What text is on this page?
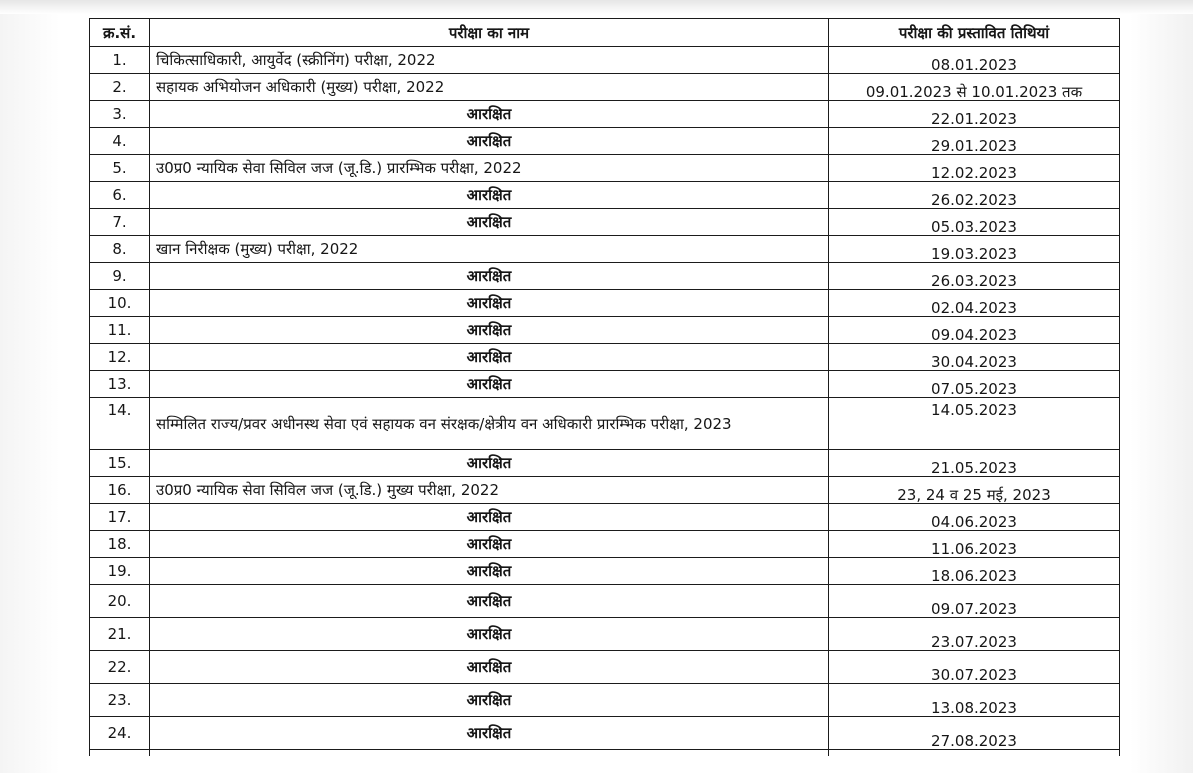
क्र.सं.	परीक्षा का नाम	परीक्षा की प्रस्तावित तिथियां
1.	चिकित्साधिकारी, आयुर्वेद (स्क्रीनिंग) परीक्षा, 2022	08.01.2023
2.	सहायक अभियोजन अधिकारी (मुख्य) परीक्षा, 2022	09.01.2023 से 10.01.2023 तक
3.	आरक्षित	22.01.2023
4.	आरक्षित	29.01.2023
5.	उ0प्र0 न्यायिक सेवा सिविल जज (जू.डि.) प्रारम्भिक परीक्षा, 2022	12.02.2023
6.	आरक्षित	26.02.2023
7.	आरक्षित	05.03.2023
8.	खान निरीक्षक (मुख्य) परीक्षा, 2022	19.03.2023
9.	आरक्षित	26.03.2023
10.	आरक्षित	02.04.2023
11.	आरक्षित	09.04.2023
12.	आरक्षित	30.04.2023
13.	आरक्षित	07.05.2023
14.	सम्मिलित राज्य/प्रवर अधीनस्थ सेवा एवं सहायक वन संरक्षक/क्षेत्रीय वन अधिकारी प्रारम्भिक परीक्षा, 2023	14.05.2023
15.	आरक्षित	21.05.2023
16.	उ0प्र0 न्यायिक सेवा सिविल जज (जू.डि.) मुख्य परीक्षा, 2022	23, 24 व 25 मई, 2023
17.	आरक्षित	04.06.2023
18.	आरक्षित	11.06.2023
19.	आरक्षित	18.06.2023
20.	आरक्षित	09.07.2023
21.	आरक्षित	23.07.2023
22.	आरक्षित	30.07.2023
23.	आरक्षित	13.08.2023
24.	आरक्षित	27.08.2023
